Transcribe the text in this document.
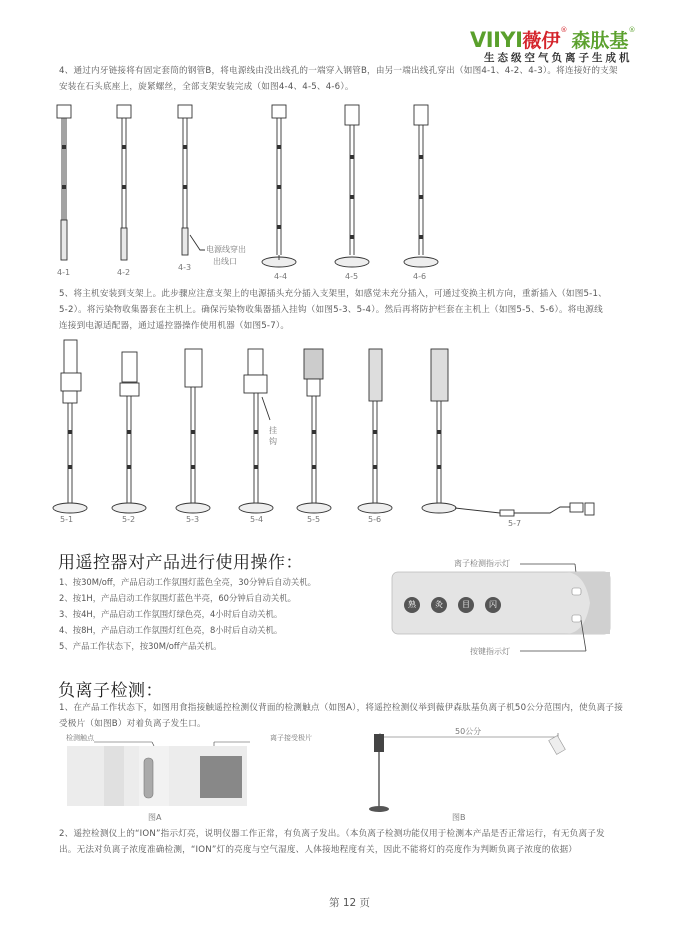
VIIYI薇伊® 森肽基®
生态级空气负离子生成机
4、通过内牙链接将有固定套筒的钢管B，将电源线由没出线孔的一端穿入钢管B，由另一端出线孔穿出（如图4-1、4-2、4-3）。将连接好的支架
安装在石头底座上，旋紧螺丝，全部支架安装完成（如图4-4、4-5、4-6）。
电源线穿出
出线口
4-1	4-2
4-3
4-4	4-5	4-6
5、将主机安装到支架上。此步骤应注意支架上的电源插头充分插入支架里，如感觉未充分插入，可通过变换主机方向，重新插入（如图5-1、
5-2）。将污染物收集器套在主机上。确保污染物收集器插入挂钩（如图5-3、5-4）。然后再将防护栏套在主机上（如图5-5、5-6）。将电源线
连接到电源适配器，通过遥控器操作使用机器（如图5-7）。
挂钩
5-1	5-2	5-3	5-4	5-5	5-6	5-7
用遥控器对产品进行使用操作：
1、按30M/off，产品启动工作氛围灯蓝色全亮，30分钟后自动关机。
2、按1H，产品启动工作氛围灯蓝色半亮，60分钟后自动关机。
3、按4H，产品启动工作氛围灯绿色亮，4小时后自动关机。
4、按8H，产品启动工作氛围灯红色亮，8小时后自动关机。
5、产品工作状态下，按30M/off产品关机。
离子检测指示灯
按键指示灯
熟	灸	目	闪
负离子检测：
1、在产品工作状态下，如图用食指接触遥控检测仪背面的检测触点（如图A），将遥控检测仪举到薇伊森肽基负离子机50公分范围内，使负离子接
受极片（如图B）对着负离子发生口。
检测触点	离子接受极片
图A
50公分
图B
2、遥控检测仪上的“ION”指示灯亮，说明仪器工作正常，有负离子发出。（本负离子检测功能仅用于检测本产品是否正常运行，有无负离子发
出。无法对负离子浓度准确检测，“ION”灯的亮度与空气湿度、人体接地程度有关，因此不能将灯的亮度作为判断负离子浓度的依据）
第 12 页
